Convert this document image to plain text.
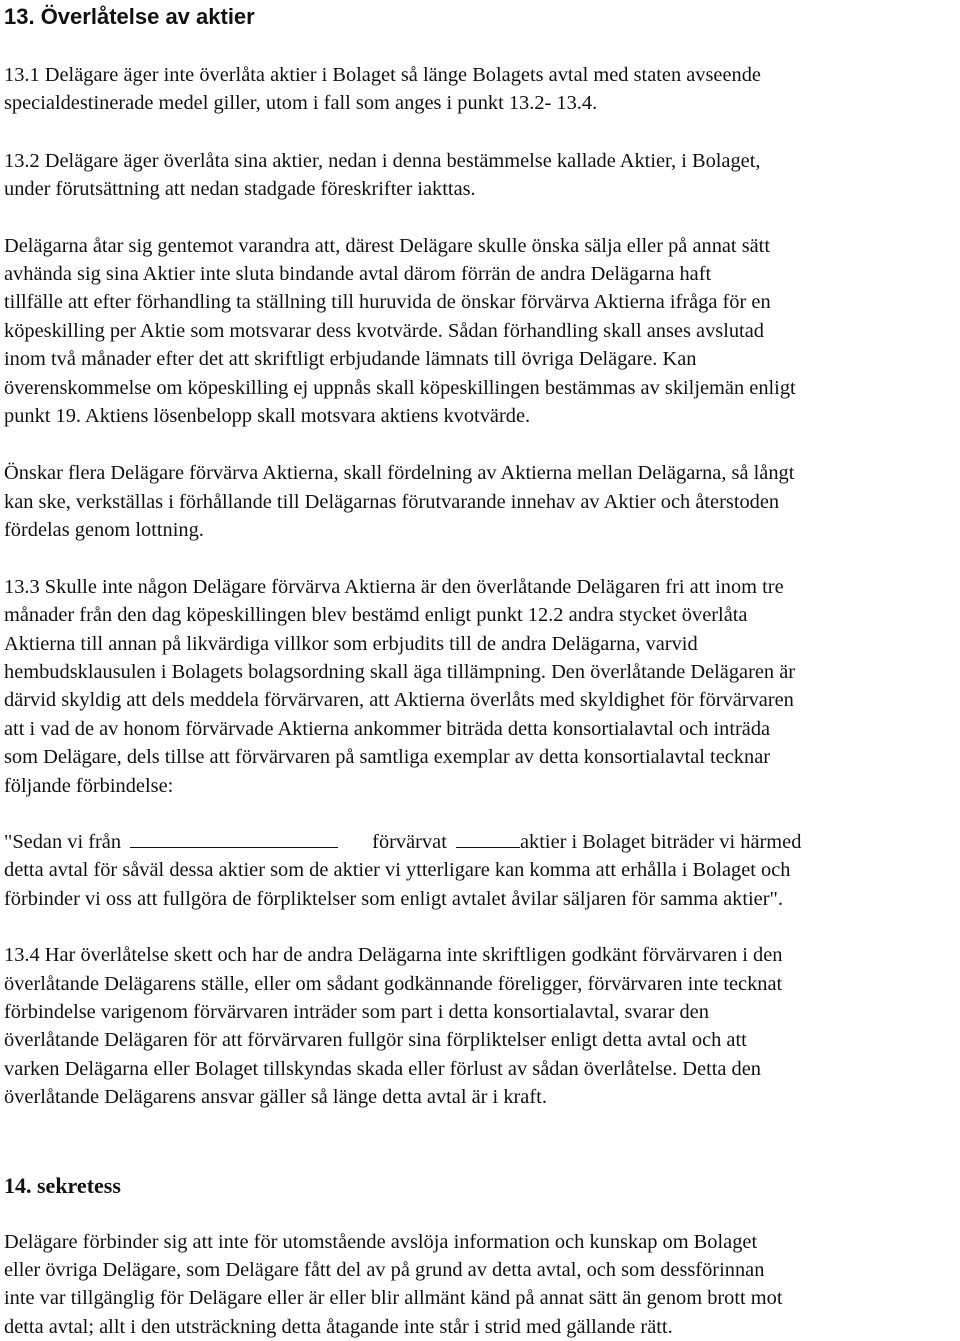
13. Överlåtelse av aktier
13.1 Delägare äger inte överlåta aktier i Bolaget så länge Bolagets avtal med staten avseende
specialdestinerade medel giller, utom i fall som anges i punkt 13.2- 13.4.
13.2 Delägare äger överlåta sina aktier, nedan i denna bestämmelse kallade Aktier, i Bolaget,
under förutsättning att nedan stadgade föreskrifter iakttas.
Delägarna åtar sig gentemot varandra att, därest Delägare skulle önska sälja eller på annat sätt
avhända sig sina Aktier inte sluta bindande avtal därom förrän de andra Delägarna haft
tillfälle att efter förhandling ta ställning till huruvida de önskar förvärva Aktierna ifråga för en
köpeskilling per Aktie som motsvarar dess kvotvärde. Sådan förhandling skall anses avslutad
inom två månader efter det att skriftligt erbjudande lämnats till övriga Delägare. Kan
överenskommelse om köpeskilling ej uppnås skall köpeskillingen bestämmas av skiljemän enligt
punkt 19. Aktiens lösenbelopp skall motsvara aktiens kvotvärde.
Önskar flera Delägare förvärva Aktierna, skall fördelning av Aktierna mellan Delägarna, så långt
kan ske, verkställas i förhållande till Delägarnas förutvarande innehav av Aktier och återstoden
fördelas genom lottning.
13.3 Skulle inte någon Delägare förvärva Aktierna är den överlåtande Delägaren fri att inom tre
månader från den dag köpeskillingen blev bestämd enligt punkt 12.2 andra stycket överlåta
Aktierna till annan på likvärdiga villkor som erbjudits till de andra Delägarna, varvid
hembudsklausulen i Bolagets bolagsordning skall äga tillämpning. Den överlåtande Delägaren är
därvid skyldig att dels meddela förvärvaren, att Aktierna överlåts med skyldighet för förvärvaren
att i vad de av honom förvärvade Aktierna ankommer biträda detta konsortialavtal och inträda
som Delägare, dels tillse att förvärvaren på samtliga exemplar av detta konsortialavtal tecknar
följande förbindelse:
"Sedan vi från	förvärvat	aktier i Bolaget biträder vi härmed
detta avtal för såväl dessa aktier som de aktier vi ytterligare kan komma att erhålla i Bolaget och
förbinder vi oss att fullgöra de förpliktelser som enligt avtalet åvilar säljaren för samma aktier".
13.4 Har överlåtelse skett och har de andra Delägarna inte skriftligen godkänt förvärvaren i den
överlåtande Delägarens ställe, eller om sådant godkännande föreligger, förvärvaren inte tecknat
förbindelse varigenom förvärvaren inträder som part i detta konsortialavtal, svarar den
överlåtande Delägaren för att förvärvaren fullgör sina förpliktelser enligt detta avtal och att
varken Delägarna eller Bolaget tillskyndas skada eller förlust av sådan överlåtelse. Detta den
överlåtande Delägarens ansvar gäller så länge detta avtal är i kraft.
14. sekretess
Delägare förbinder sig att inte för utomstående avslöja information och kunskap om Bolaget
eller övriga Delägare, som Delägare fått del av på grund av detta avtal, och som dessförinnan
inte var tillgänglig för Delägare eller är eller blir allmänt känd på annat sätt än genom brott mot
detta avtal; allt i den utsträckning detta åtagande inte står i strid med gällande rätt.
